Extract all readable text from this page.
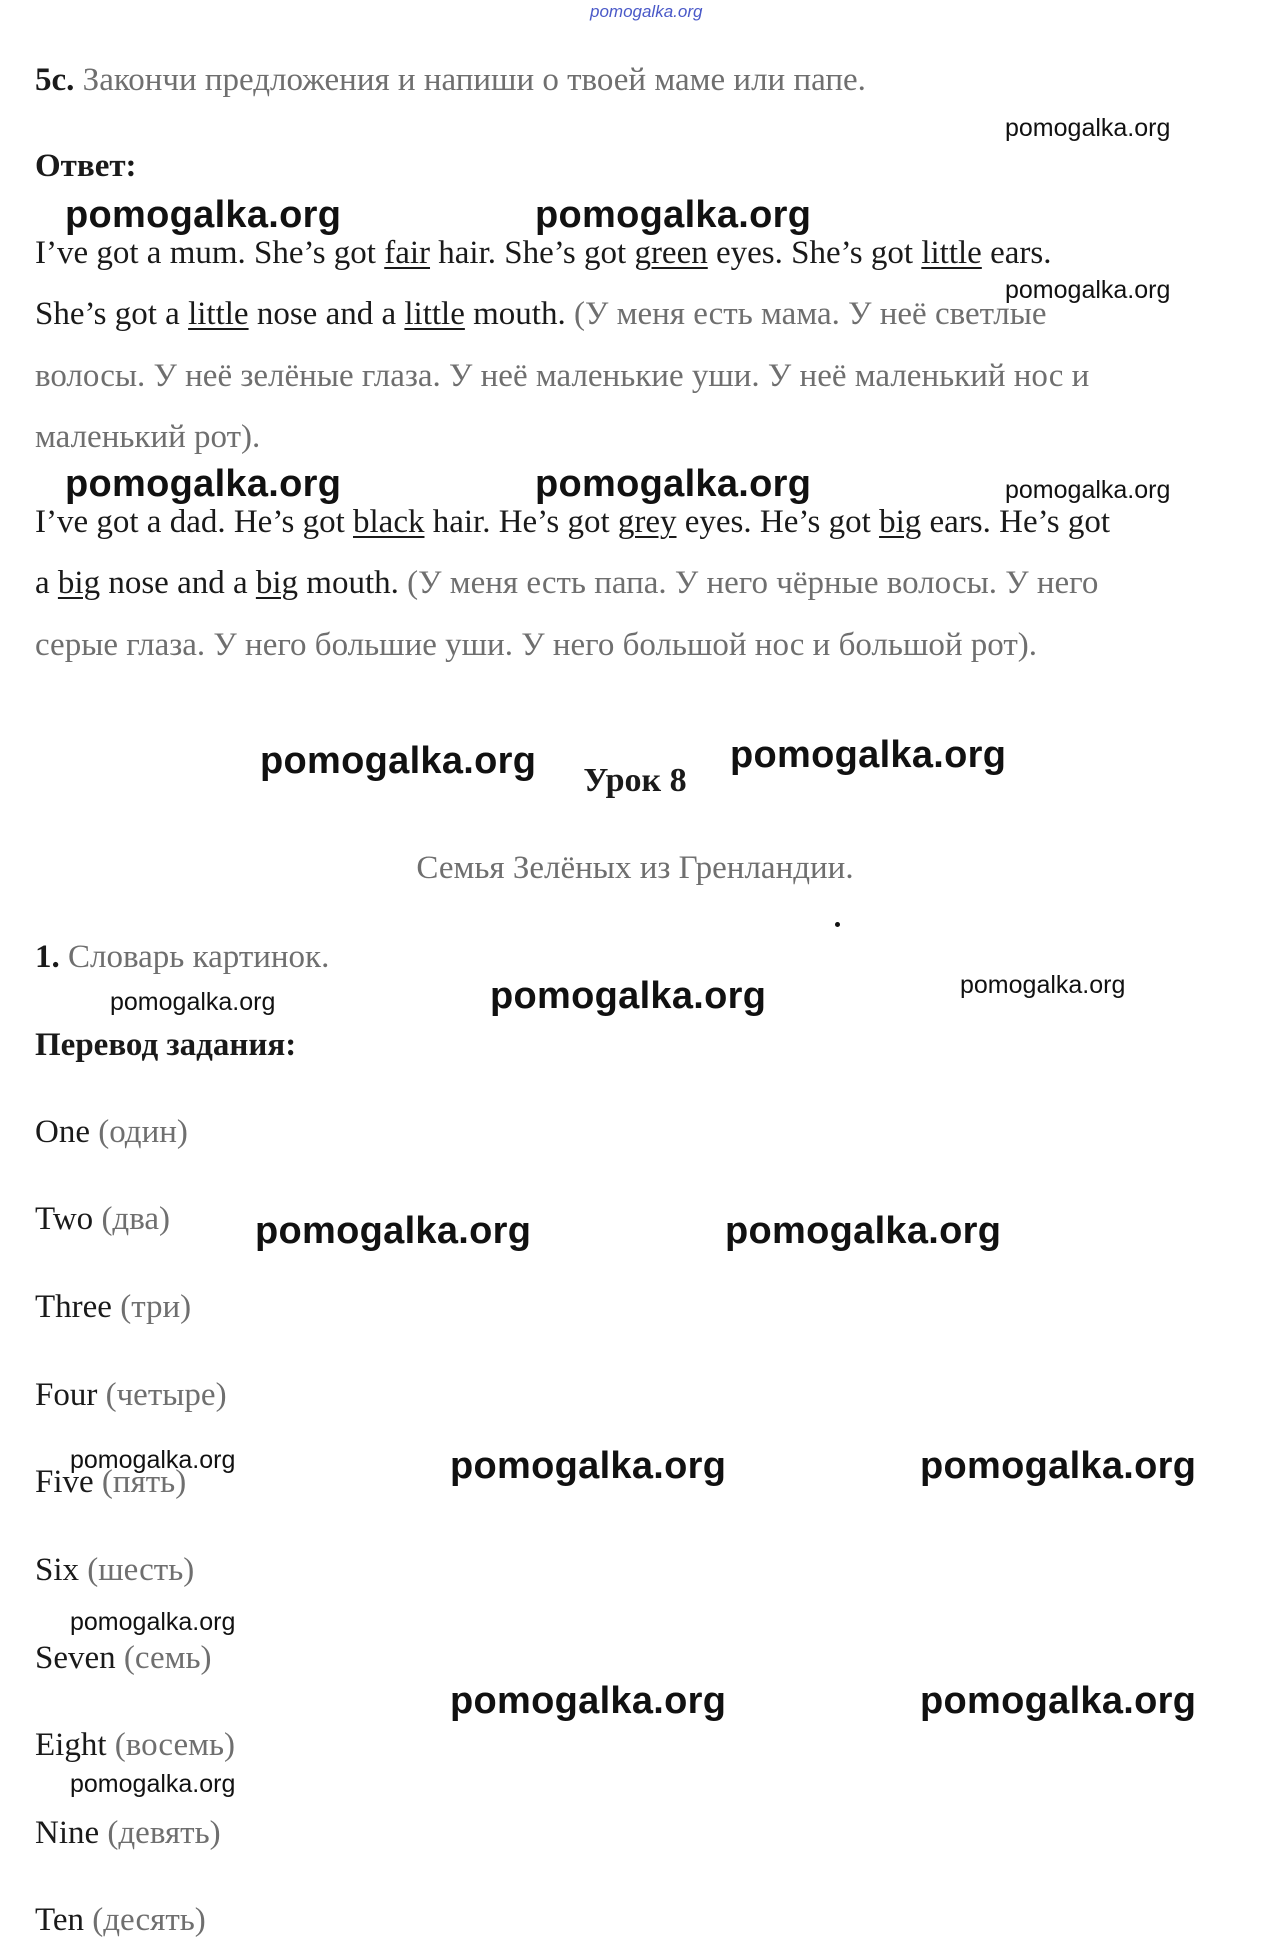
pomogalka.org
5c. Закончи предложения и напиши о твоей маме или папе.
Ответ:
I’ve got a mum. She’s got fair hair. She’s got green eyes. She’s got little ears.
She’s got a little nose and a little mouth. (У меня есть мама. У неё светлые
волосы. У неё зелёные глаза. У неё маленькие уши. У неё маленький нос и
маленький рот).
I’ve got a dad. He’s got black hair. He’s got grey eyes. He’s got big ears. He’s got
a big nose and a big mouth. (У меня есть папа. У него чёрные волосы. У него
серые глаза. У него большие уши. У него большой нос и большой рот).
Урок 8
Семья Зелёных из Гренландии.
1. Словарь картинок.
Перевод задания:
One (один)
Two (два)
Three (три)
Four (четыре)
Five (пять)
Six (шесть)
Seven (семь)
Eight (восемь)
Nine (девять)
Ten (десять)
pomogalka.org
pomogalka.org	pomogalka.org
pomogalka.org
pomogalka.org	pomogalka.org	pomogalka.org
pomogalka.org	pomogalka.org
pomogalka.org
pomogalka.org	pomogalka.org
pomogalka.org	pomogalka.org
pomogalka.org	pomogalka.org	pomogalka.org
pomogalka.org
pomogalka.org	pomogalka.org
pomogalka.org
